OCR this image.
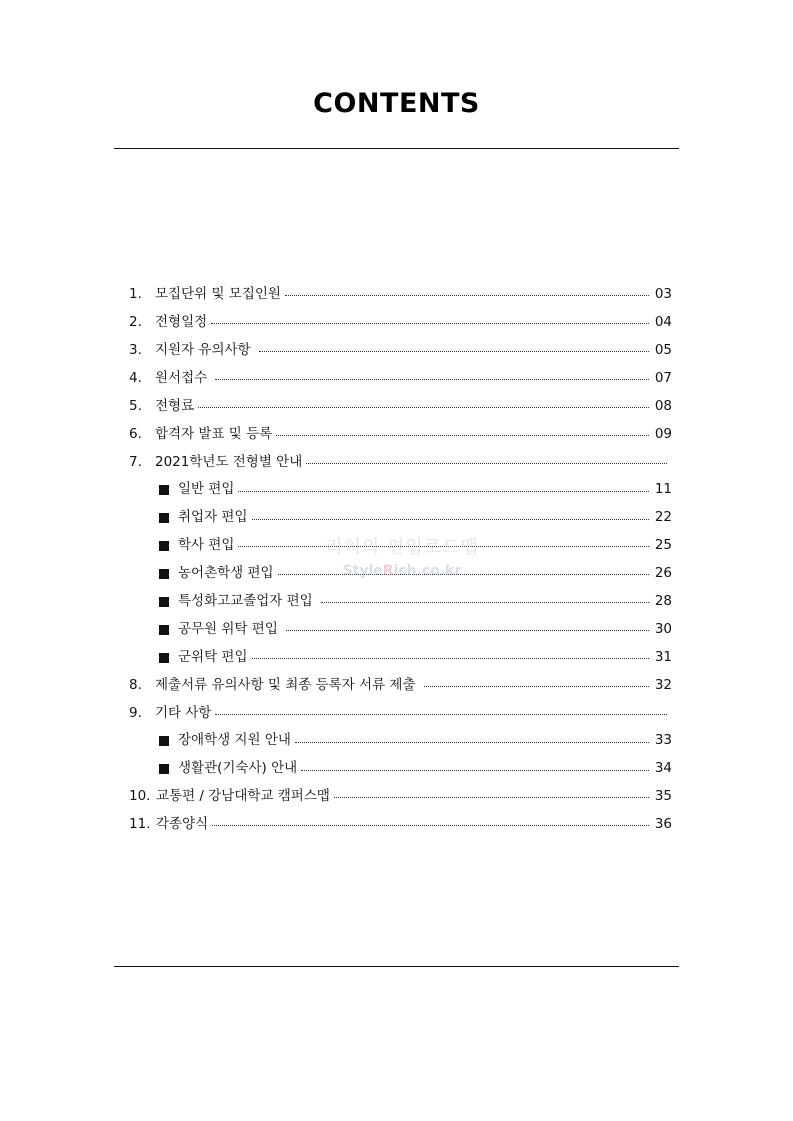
CONTENTS
1. 모집단위 및 모집인원	03
2. 전형일정	04
3. 지원자 유의사항	05
4. 원서접수	07
5. 전형료	08
6. 합격자 발표 및 등록	09
7. 2021학년도 전형별 안내
일반 편입	11
취업자 편입	22
학사 편입	25
농어촌학생 편입	26
특성화고교졸업자 편입	28
공무원 위탁 편입	30
군위탁 편입	31
8. 제출서류 유의사항 및 최종 등록자 서류 제출	32
9. 기타 사항
장애학생 지원 안내	33
생활관(기숙사) 안내	34
10. 교통편 / 강남대학교 캠퍼스맵	35
11. 각종양식	36
리치의 편입로드맵
StyleRich.co.kr
